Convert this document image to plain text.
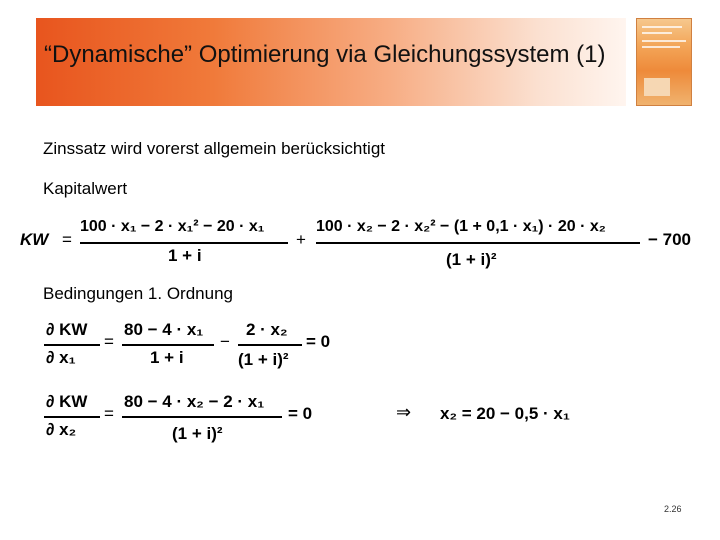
“Dynamische” Optimierung via Gleichungssystem (1)
Zinssatz wird vorerst allgemein berücksichtigt
Kapitalwert
KW =
100 · x₁ − 2 · x₁² − 20 · x₁
1 + i
+
100 · x₂ − 2 · x₂² − (1 + 0,1 · x₁) · 20 · x₂
(1 + i)²
− 700
Bedingungen 1. Ordnung
∂ KW
∂ x₁
=
80 − 4 · x₁
1 + i
−
2 · x₂
(1 + i)²
= 0
∂ KW
∂ x₂
=
80 − 4 · x₂ − 2 · x₁
(1 + i)²
= 0	⇒ x₂ = 20 − 0,5 · x₁
2.26
